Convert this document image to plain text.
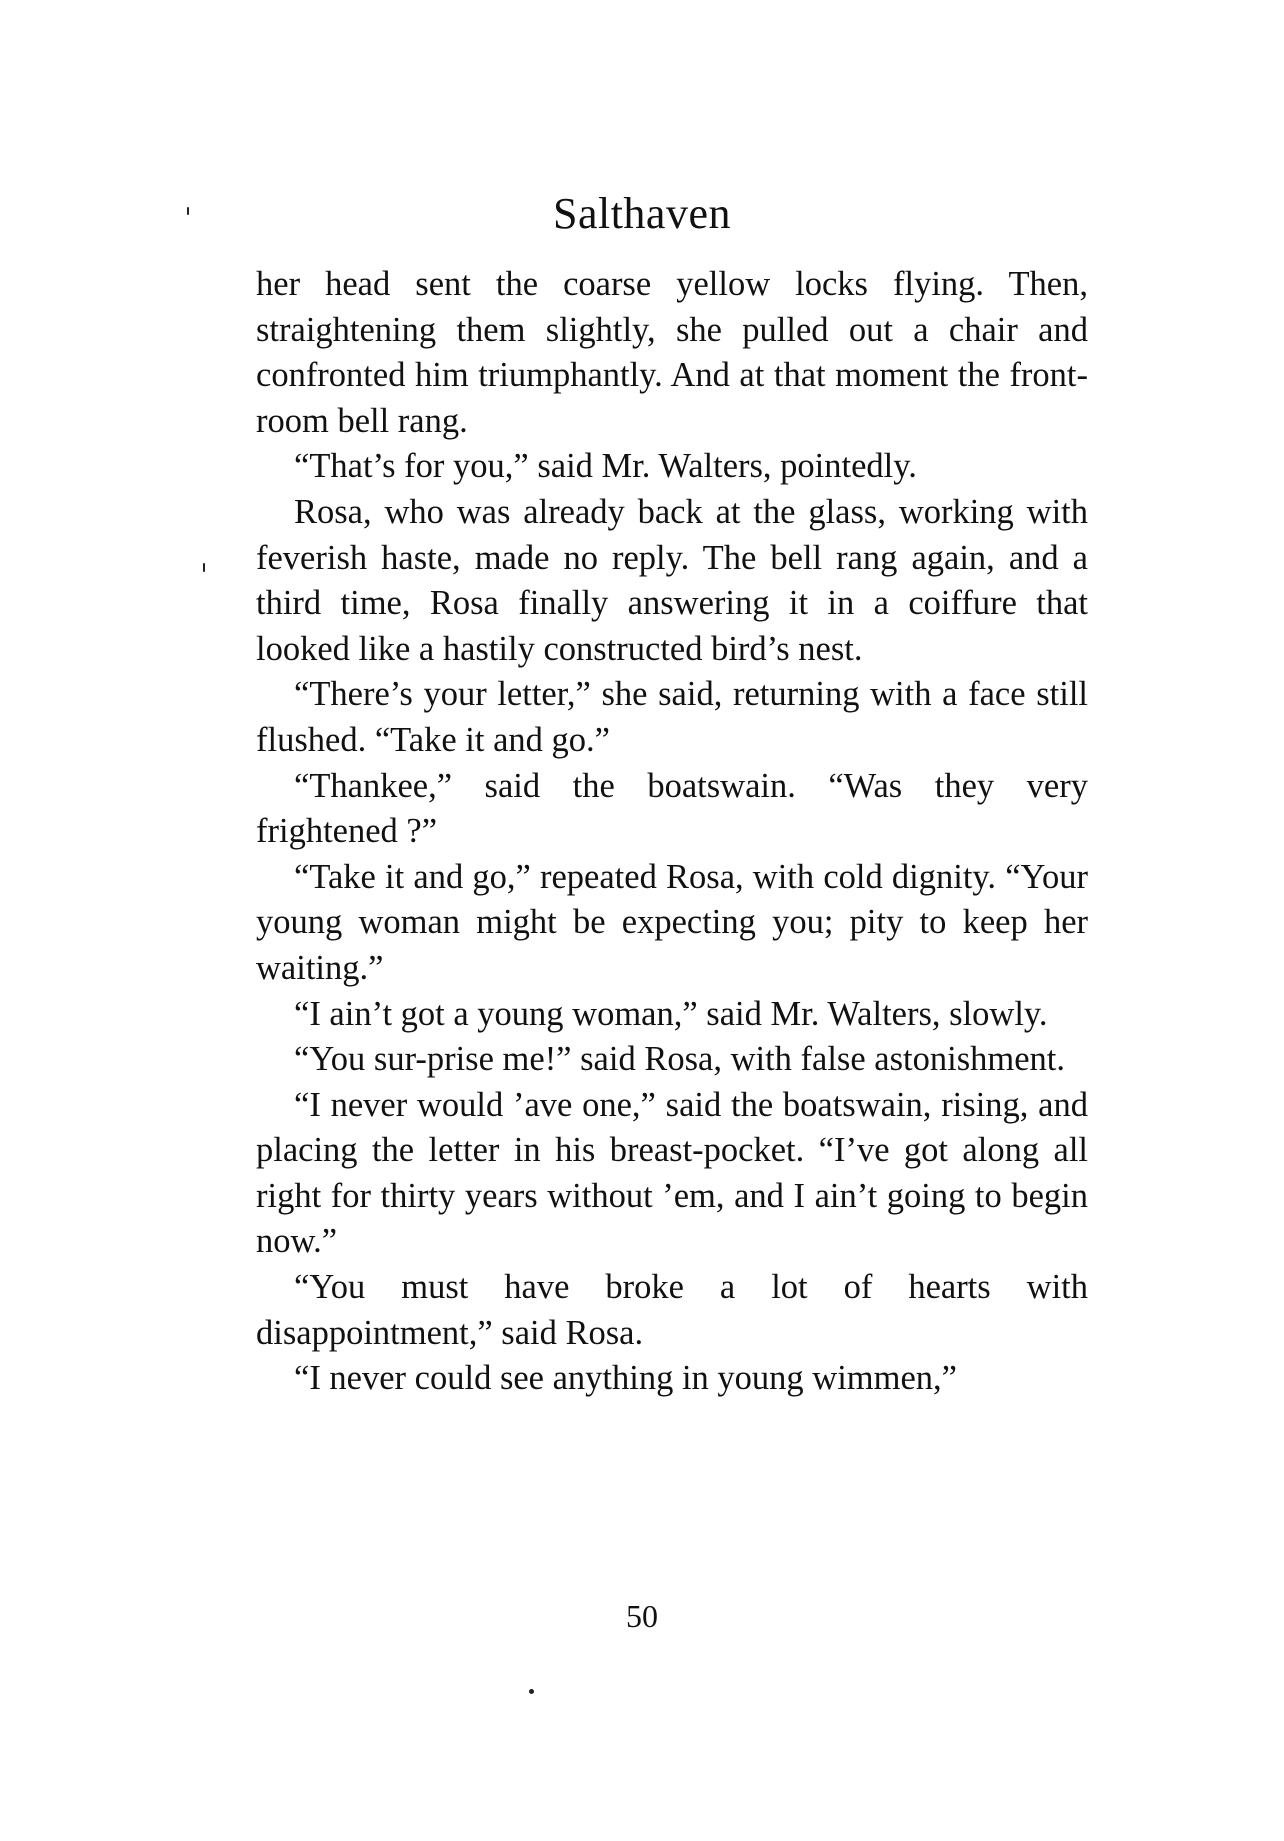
Salthaven

her head sent the coarse yellow locks flying. Then, straightening them slightly, she pulled out a chair and confronted him triumphantly. And at that moment the front-room bell rang.

“That’s for you,” said Mr. Walters, pointedly.

Rosa, who was already back at the glass, working with feverish haste, made no reply. The bell rang again, and a third time, Rosa finally answering it in a coiffure that looked like a hastily constructed bird’s nest.

“There’s your letter,” she said, returning with a face still flushed. “Take it and go.”

“Thankee,” said the boatswain. “Was they very frightened ?”

“Take it and go,” repeated Rosa, with cold dignity. “Your young woman might be expecting you; pity to keep her waiting.”

“I ain’t got a young woman,” said Mr. Walters, slowly.

“You sur-prise me!” said Rosa, with false astonishment.

“I never would ’ave one,” said the boatswain, rising, and placing the letter in his breast-pocket. “I’ve got along all right for thirty years without ’em, and I ain’t going to begin now.”

“You must have broke a lot of hearts with disappointment,” said Rosa.

“I never could see anything in young wimmen,”

50
